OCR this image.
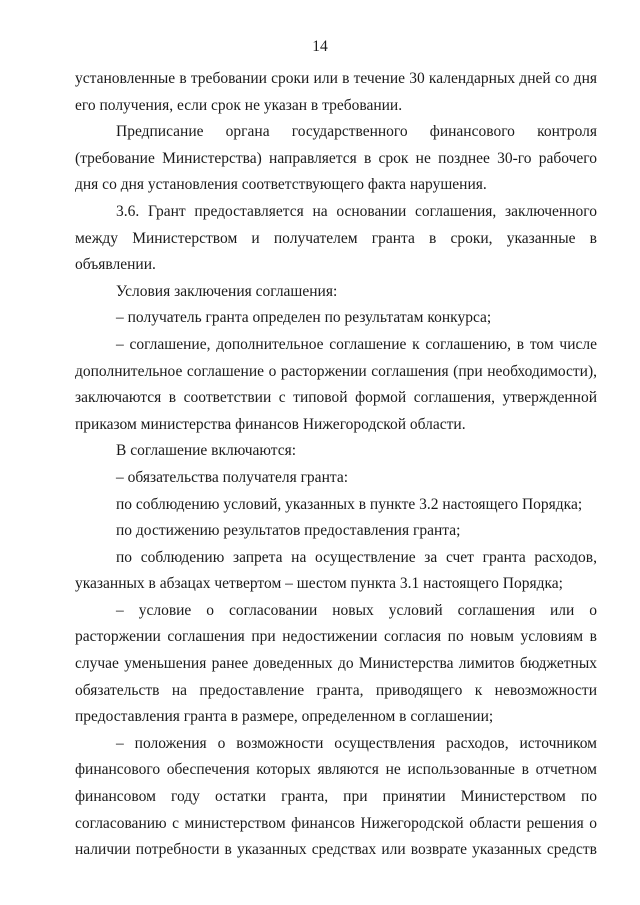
14

установленные в требовании сроки или в течение 30 календарных дней со дня его получения, если срок не указан в требовании.

Предписание органа государственного финансового контроля (требование Министерства) направляется в срок не позднее 30-го рабочего дня со дня установления соответствующего факта нарушения.

3.6. Грант предоставляется на основании соглашения, заключенного между Министерством и получателем гранта в сроки, указанные в объявлении.

Условия заключения соглашения:

– получатель гранта определен по результатам конкурса;

– соглашение, дополнительное соглашение к соглашению, в том числе дополнительное соглашение о расторжении соглашения (при необходимости), заключаются в соответствии с типовой формой соглашения, утвержденной приказом министерства финансов Нижегородской области.

В соглашение включаются:

– обязательства получателя гранта:

по соблюдению условий, указанных в пункте 3.2 настоящего Порядка;

по достижению результатов предоставления гранта;

по соблюдению запрета на осуществление за счет гранта расходов, указанных в абзацах четвертом – шестом пункта 3.1 настоящего Порядка;

– условие о согласовании новых условий соглашения или о расторжении соглашения при недостижении согласия по новым условиям в случае уменьшения ранее доведенных до Министерства лимитов бюджетных обязательств на предоставление гранта, приводящего к невозможности предоставления гранта в размере, определенном в соглашении;

– положения о возможности осуществления расходов, источником финансового обеспечения которых являются не использованные в отчетном финансовом году остатки гранта, при принятии Министерством по согласованию с министерством финансов Нижегородской области решения о наличии потребности в указанных средствах или возврате указанных средств
